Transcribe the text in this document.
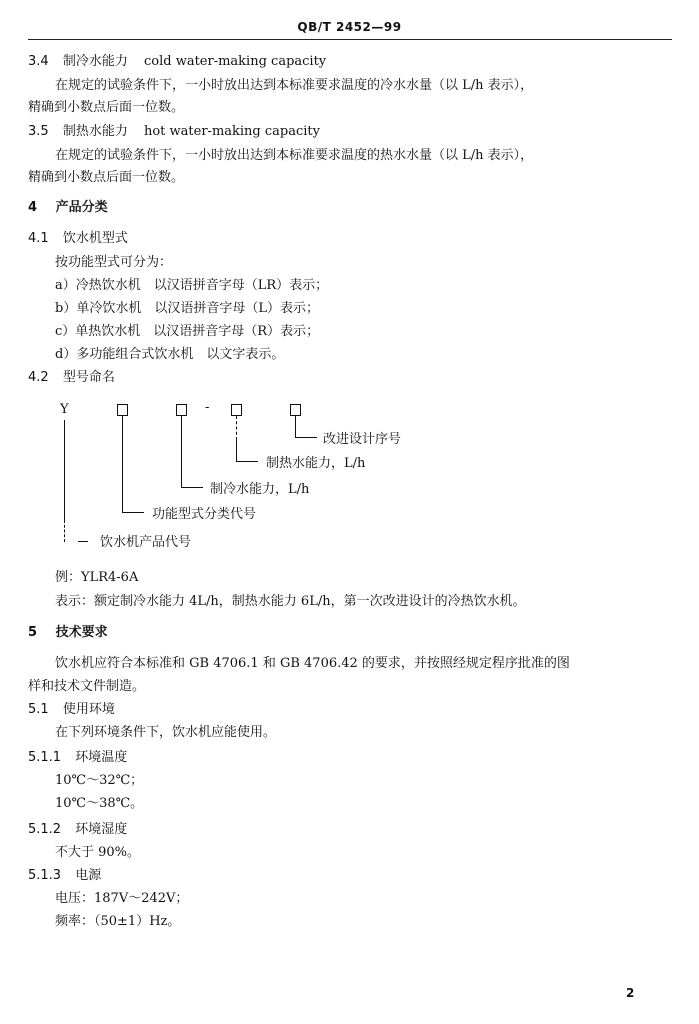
QB/T 2452—99
3.4 制冷水能力 cold water-making capacity
在规定的试验条件下，一小时放出达到本标准要求温度的冷水水量（以 L/h 表示），
精确到小数点后面一位数。
3.5 制热水能力 hot water-making capacity
在规定的试验条件下，一小时放出达到本标准要求温度的热水水量（以 L/h 表示），
精确到小数点后面一位数。
4 产品分类
4.1 饮水机型式
按功能型式可分为：
a）冷热饮水机　以汉语拼音字母（LR）表示；
b）单冷饮水机　以汉语拼音字母（L）表示；
c）单热饮水机　以汉语拼音字母（R）表示；
d）多功能组合式饮水机　以文字表示。
4.2 型号命名
Y	-
改进设计序号
制热水能力，L/h
制冷水能力，L/h
功能型式分类代号
饮水机产品代号
例：YLR4-6A
表示：额定制冷水能力 4L/h，制热水能力 6L/h，第一次改进设计的冷热饮水机。
5 技术要求
饮水机应符合本标准和 GB 4706.1 和 GB 4706.42 的要求，并按照经规定程序批准的图
样和技术文件制造。
5.1 使用环境
在下列环境条件下，饮水机应能使用。
5.1.1 环境温度
10℃～32℃；
10℃～38℃。
5.1.2 环境湿度
不大于 90%。
5.1.3 电源
电压：187V～242V；
频率：（50±1）Hz。
2
